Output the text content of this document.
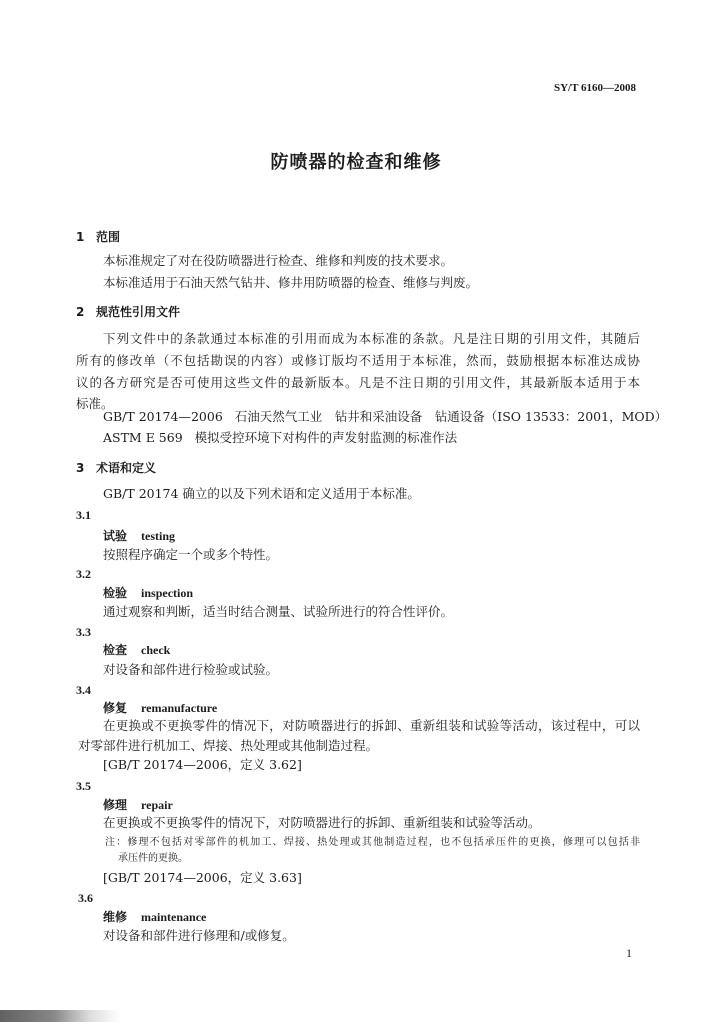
SY/T 6160—2008
防喷器的检查和维修
1 范围
本标准规定了对在役防喷器进行检查、维修和判废的技术要求。
本标准适用于石油天然气钻井、修井用防喷器的检查、维修与判废。
2 规范性引用文件
下列文件中的条款通过本标准的引用而成为本标准的条款。凡是注日期的引用文件，其随后
所有的修改单（不包括勘误的内容）或修订版均不适用于本标准，然而，鼓励根据本标准达成协
议的各方研究是否可使用这些文件的最新版本。凡是不注日期的引用文件，其最新版本适用于本
标准。
GB/T 20174—2006 石油天然气工业　钻井和采油设备　钻通设备（ISO 13533：2001，MOD）
ASTM E 569 模拟受控环境下对构件的声发射监测的标准作法
3 术语和定义
GB/T 20174 确立的以及下列术语和定义适用于本标准。
3.1
试验 testing
按照程序确定一个或多个特性。
3.2
检验 inspection
通过观察和判断，适当时结合测量、试验所进行的符合性评价。
3.3
检查 check
对设备和部件进行检验或试验。
3.4
修复 remanufacture
在更换或不更换零件的情况下，对防喷器进行的拆卸、重新组装和试验等活动，该过程中，可以
对零部件进行机加工、焊接、热处理或其他制造过程。
[GB/T 20174—2006，定义 3.62]
3.5
修理 repair
在更换或不更换零件的情况下，对防喷器进行的拆卸、重新组装和试验等活动。
注：修理不包括对零部件的机加工、焊接、热处理或其他制造过程，也不包括承压件的更换，修理可以包括非
承压件的更换。
[GB/T 20174—2006，定义 3.63]
3.6
维修 maintenance
对设备和部件进行修理和/或修复。
1
